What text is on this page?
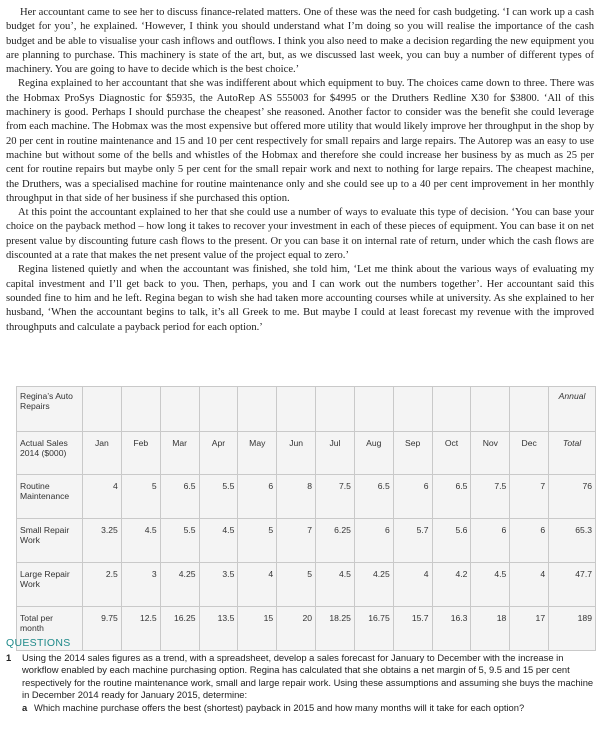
Her accountant came to see her to discuss finance-related matters. One of these was the need for cash budgeting. ‘I can work up a cash budget for you’, he explained. ‘However, I think you should understand what I’m doing so you will realise the importance of the cash budget and be able to visualise your cash inflows and outflows. I think you also need to make a decision regarding the new equipment you are planning to purchase. This machinery is state of the art, but, as we discussed last week, you can buy a number of different types of machinery. You are going to have to decide which is the best choice.’

Regina explained to her accountant that she was indifferent about which equipment to buy. The choices came down to three. There was the Hobmax ProSys Diagnostic for $5935, the AutoRep AS 555003 for $4995 or the Druthers Redline X30 for $3800. ‘All of this machinery is good. Perhaps I should purchase the cheapest’ she reasoned. Another factor to consider was the benefit she could leverage from each machine. The Hobmax was the most expensive but offered more utility that would likely improve her throughput in the shop by 20 per cent in routine maintenance and 15 and 10 per cent respectively for small repairs and large repairs. The Autorep was an easy to use machine but without some of the bells and whistles of the Hobmax and therefore she could increase her business by as much as 25 per cent for routine repairs but maybe only 5 per cent for the small repair work and next to nothing for large repairs. The cheapest machine, the Druthers, was a specialised machine for routine maintenance only and she could see up to a 40 per cent improvement in her monthly throughput in that side of her business if she purchased this option.

At this point the accountant explained to her that she could use a number of ways to evaluate this type of decision. ‘You can base your choice on the payback method – how long it takes to recover your investment in each of these pieces of equipment. You can base it on net present value by discounting future cash flows to the present. Or you can base it on internal rate of return, under which the cash flows are discounted at a rate that makes the net present value of the project equal to zero.’

Regina listened quietly and when the accountant was finished, she told him, ‘Let me think about the various ways of evaluating my capital investment and I’ll get back to you. Then, perhaps, you and I can work out the numbers together’. Her accountant said this sounded fine to him and he left. Regina began to wish she had taken more accounting courses while at university. As she explained to her husband, ‘When the accountant begins to talk, it’s all Greek to me. But maybe I could at least forecast my revenue with the improved throughputs and calculate a payback period for each option.’

Regina’s Auto Repairs													Annual
Actual Sales 2014 ($000)	Jan	Feb	Mar	Apr	May	Jun	Jul	Aug	Sep	Oct	Nov	Dec	Total
Routine Maintenance	4	5	6.5	5.5	6	8	7.5	6.5	6	6.5	7.5	7	76
Small Repair Work	3.25	4.5	5.5	4.5	5	7	6.25	6	5.7	5.6	6	6	65.3
Large Repair Work	2.5	3	4.25	3.5	4	5	4.5	4.25	4	4.2	4.5	4	47.7
Total per month	9.75	12.5	16.25	13.5	15	20	18.25	16.75	15.7	16.3	18	17	189
QUESTIONS
1	Using the 2014 sales figures as a trend, with a spreadsheet, develop a sales forecast for January to December with the increase in workflow enabled by each machine purchasing option. Regina has calculated that she obtains a net margin of 5, 9.5 and 15 per cent respectively for the routine maintenance work, small and large repair work. Using these assumptions and assuming she buys the machine in December 2014 ready for January 2015, determine:
a Which machine purchase offers the best (shortest) payback in 2015 and how many months will it take for each option?
